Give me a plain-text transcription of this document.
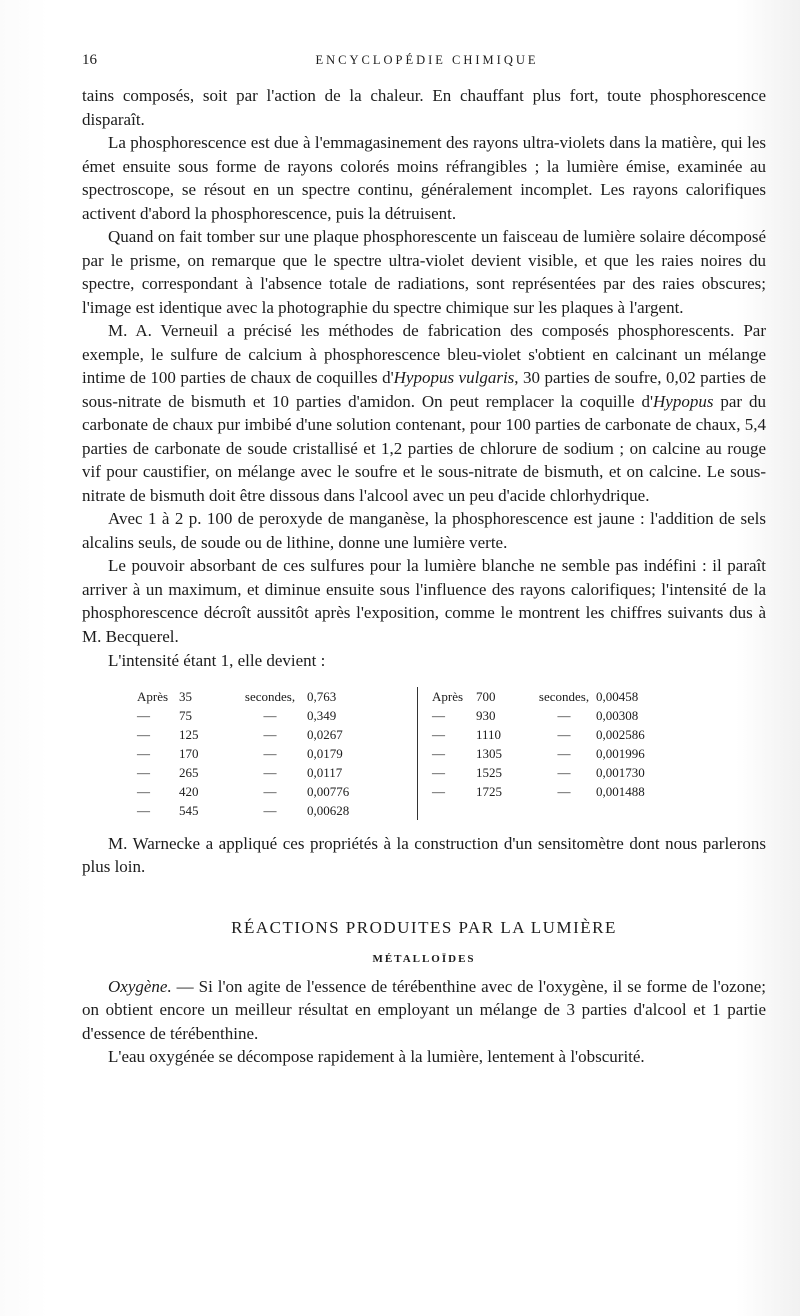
16	ENCYCLOPÉDIE CHIMIQUE

tains composés, soit par l'action de la chaleur. En chauffant plus fort, toute phosphorescence disparaît.

La phosphorescence est due à l'emmagasinement des rayons ultra-violets dans la matière, qui les émet ensuite sous forme de rayons colorés moins réfrangibles ; la lumière émise, examinée au spectroscope, se résout en un spectre continu, généralement incomplet. Les rayons calorifiques activent d'abord la phosphorescence, puis la détruisent.

Quand on fait tomber sur une plaque phosphorescente un faisceau de lumière solaire décomposé par le prisme, on remarque que le spectre ultra-violet devient visible, et que les raies noires du spectre, correspondant à l'absence totale de radiations, sont représentées par des raies obscures; l'image est identique avec la photographie du spectre chimique sur les plaques à l'argent.

M. A. Verneuil a précisé les méthodes de fabrication des composés phosphorescents. Par exemple, le sulfure de calcium à phosphorescence bleu-violet s'obtient en calcinant un mélange intime de 100 parties de chaux de coquilles d'Hypopus vulgaris, 30 parties de soufre, 0,02 parties de sous-nitrate de bismuth et 10 parties d'amidon. On peut remplacer la coquille d'Hypopus par du carbonate de chaux pur imbibé d'une solution contenant, pour 100 parties de carbonate de chaux, 5,4 parties de carbonate de soude cristallisé et 1,2 parties de chlorure de sodium ; on calcine au rouge vif pour caustifier, on mélange avec le soufre et le sous-nitrate de bismuth, et on calcine. Le sous-nitrate de bismuth doit être dissous dans l'alcool avec un peu d'acide chlorhydrique.

Avec 1 à 2 p. 100 de peroxyde de manganèse, la phosphorescence est jaune : l'addition de sels alcalins seuls, de soude ou de lithine, donne une lumière verte.

Le pouvoir absorbant de ces sulfures pour la lumière blanche ne semble pas indéfini : il paraît arriver à un maximum, et diminue ensuite sous l'influence des rayons calorifiques; l'intensité de la phosphorescence décroît aussitôt après l'exposition, comme le montrent les chiffres suivants dus à M. Becquerel.

L'intensité étant 1, elle devient :

Après 35	secondes, 0,763
— 75	—	0,349
— 125	—	0,0267
— 170	—	0,0179
— 265	—	0,0117
— 420	—	0,00776
— 545	—	0,00628
Après 700	secondes, 0,00458
— 930	—	0,00308
— 1110	—	0,002586
— 1305	—	0,001996
— 1525	—	0,001730
— 1725	—	0,001488

M. Warnecke a appliqué ces propriétés à la construction d'un sensitomètre dont nous parlerons plus loin.

RÉACTIONS PRODUITES PAR LA LUMIÈRE
MÉTALLOÏDES

Oxygène. — Si l'on agite de l'essence de térébenthine avec de l'oxygène, il se forme de l'ozone; on obtient encore un meilleur résultat en employant un mélange de 3 parties d'alcool et 1 partie d'essence de térébenthine.

L'eau oxygénée se décompose rapidement à la lumière, lentement à l'obscurité.
